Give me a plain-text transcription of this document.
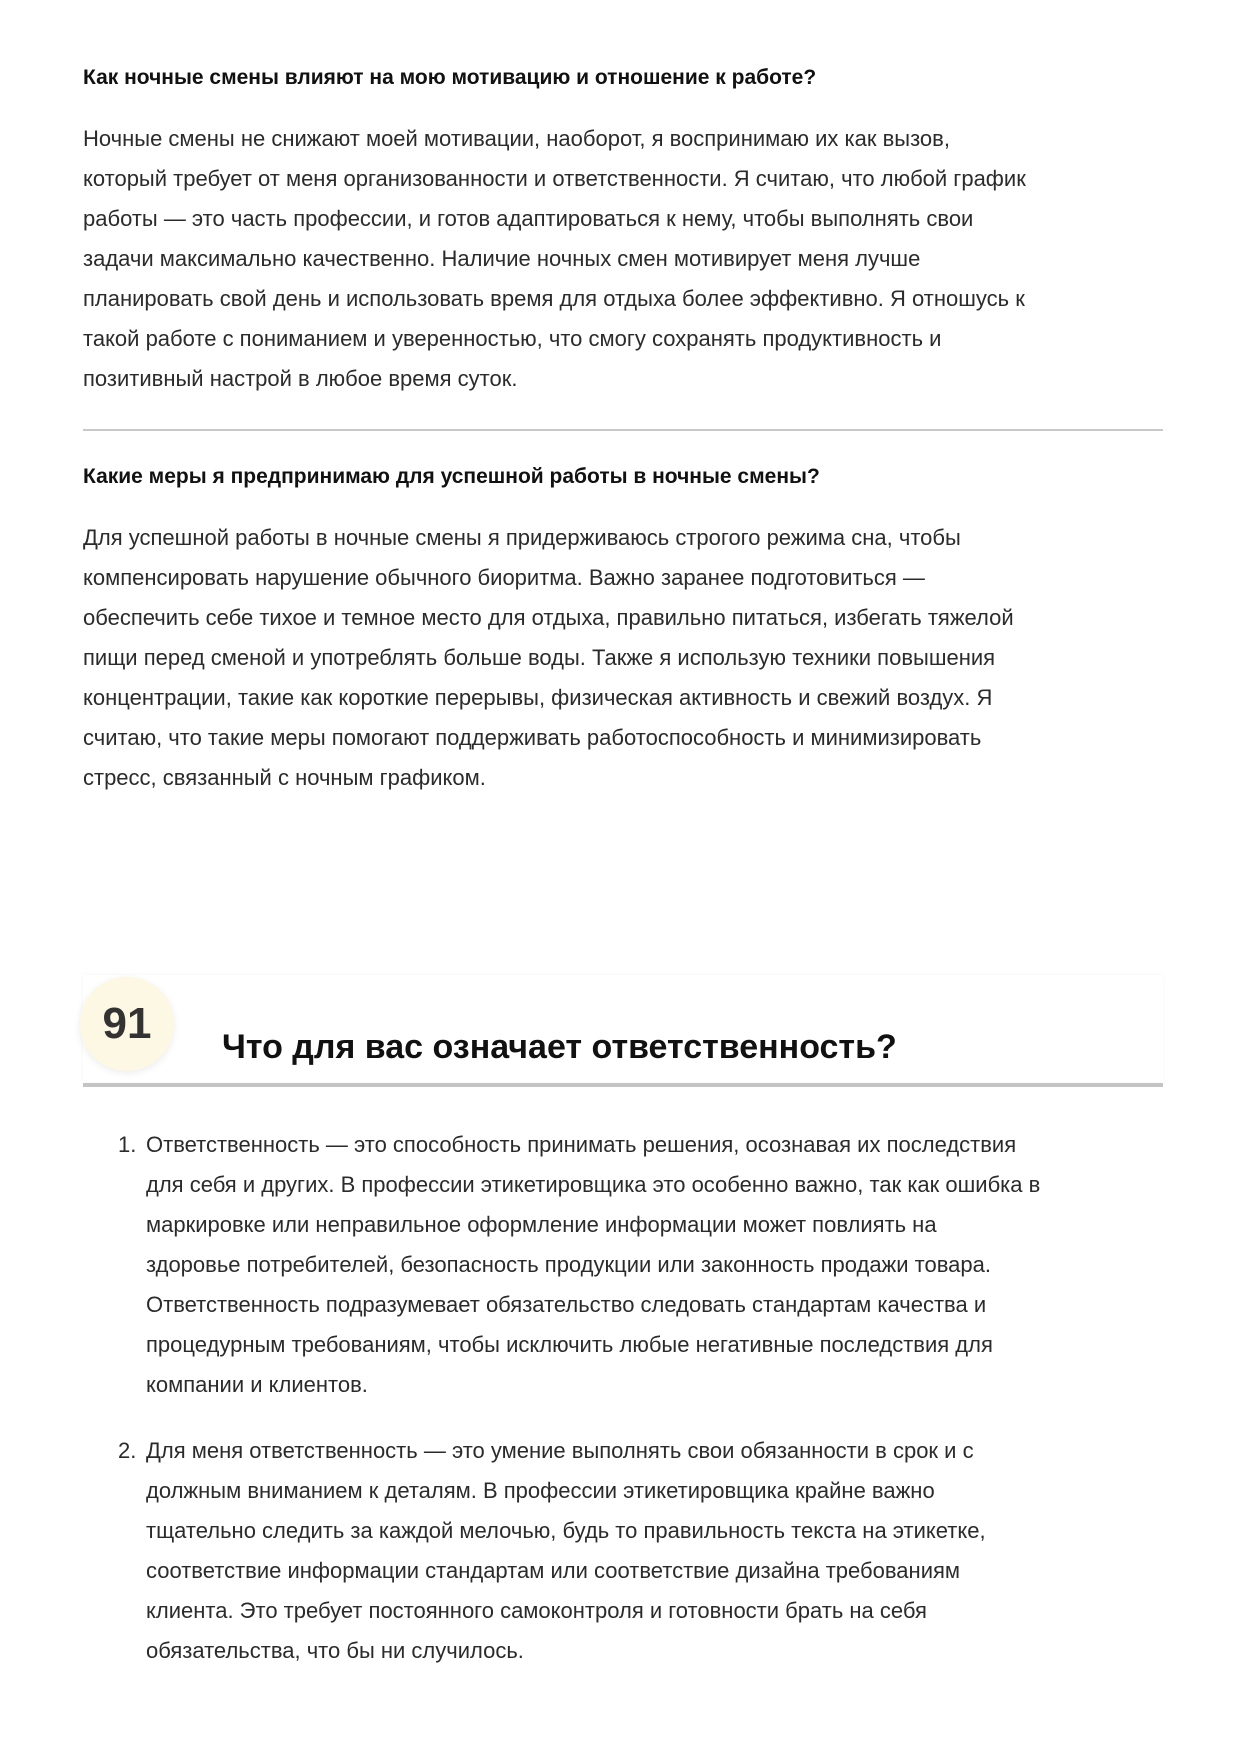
Как ночные смены влияют на мою мотивацию и отношение к работе?

Ночные смены не снижают моей мотивации, наоборот, я воспринимаю их как вызов,
который требует от меня организованности и ответственности. Я считаю, что любой график
работы — это часть профессии, и готов адаптироваться к нему, чтобы выполнять свои
задачи максимально качественно. Наличие ночных смен мотивирует меня лучше
планировать свой день и использовать время для отдыха более эффективно. Я отношусь к
такой работе с пониманием и уверенностью, что смогу сохранять продуктивность и
позитивный настрой в любое время суток.

Какие меры я предпринимаю для успешной работы в ночные смены?

Для успешной работы в ночные смены я придерживаюсь строгого режима сна, чтобы
компенсировать нарушение обычного биоритма. Важно заранее подготовиться —
обеспечить себе тихое и темное место для отдыха, правильно питаться, избегать тяжелой
пищи перед сменой и употреблять больше воды. Также я использую техники повышения
концентрации, такие как короткие перерывы, физическая активность и свежий воздух. Я
считаю, что такие меры помогают поддерживать работоспособность и минимизировать
стресс, связанный с ночным графиком.

91	Что для вас означает ответственность?
1. Ответственность — это способность принимать решения, осознавая их последствия
для себя и других. В профессии этикетировщика это особенно важно, так как ошибка в
маркировке или неправильное оформление информации может повлиять на
здоровье потребителей, безопасность продукции или законность продажи товара.
Ответственность подразумевает обязательство следовать стандартам качества и
процедурным требованиям, чтобы исключить любые негативные последствия для
компании и клиентов.
2. Для меня ответственность — это умение выполнять свои обязанности в срок и с
должным вниманием к деталям. В профессии этикетировщика крайне важно
тщательно следить за каждой мелочью, будь то правильность текста на этикетке,
соответствие информации стандартам или соответствие дизайна требованиям
клиента. Это требует постоянного самоконтроля и готовности брать на себя
обязательства, что бы ни случилось.
